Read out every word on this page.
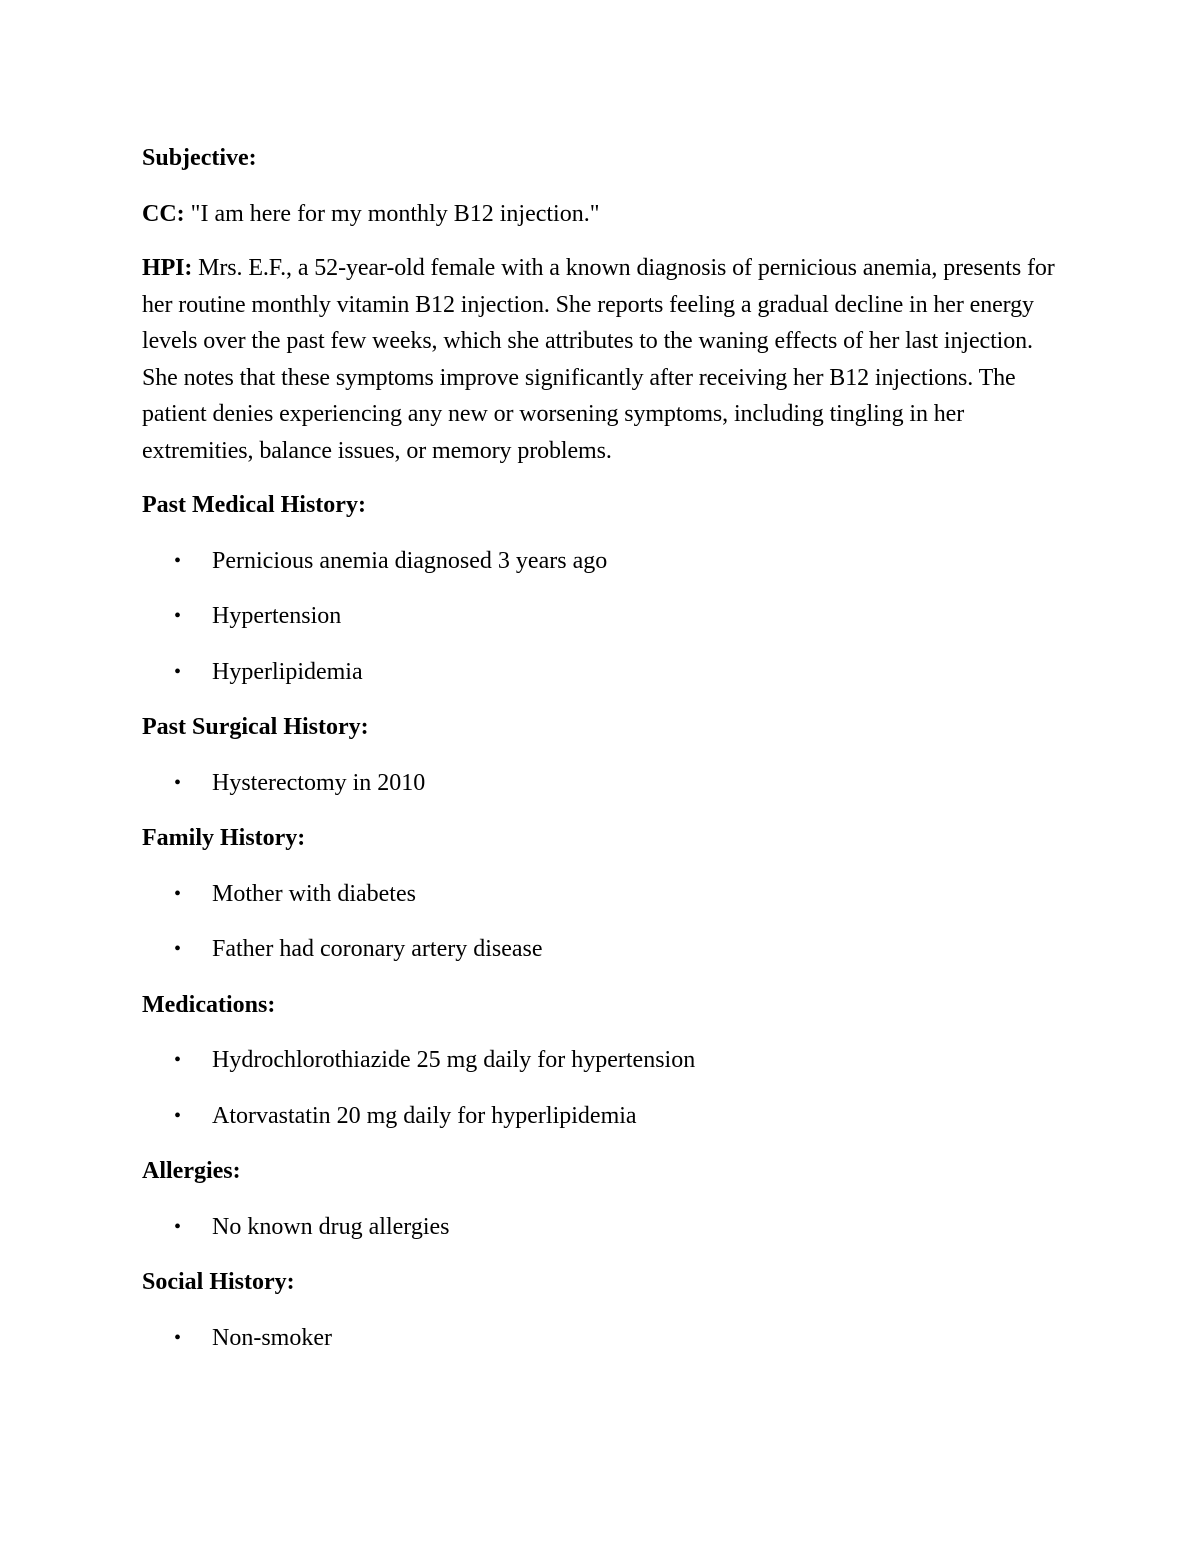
Subjective:
CC: "I am here for my monthly B12 injection."
HPI: Mrs. E.F., a 52-year-old female with a known diagnosis of pernicious anemia, presents for her routine monthly vitamin B12 injection. She reports feeling a gradual decline in her energy levels over the past few weeks, which she attributes to the waning effects of her last injection. She notes that these symptoms improve significantly after receiving her B12 injections. The patient denies experiencing any new or worsening symptoms, including tingling in her extremities, balance issues, or memory problems.
Past Medical History:
• Pernicious anemia diagnosed 3 years ago
• Hypertension
• Hyperlipidemia
Past Surgical History:
• Hysterectomy in 2010
Family History:
• Mother with diabetes
• Father had coronary artery disease
Medications:
• Hydrochlorothiazide 25 mg daily for hypertension
• Atorvastatin 20 mg daily for hyperlipidemia
Allergies:
• No known drug allergies
Social History:
• Non-smoker
